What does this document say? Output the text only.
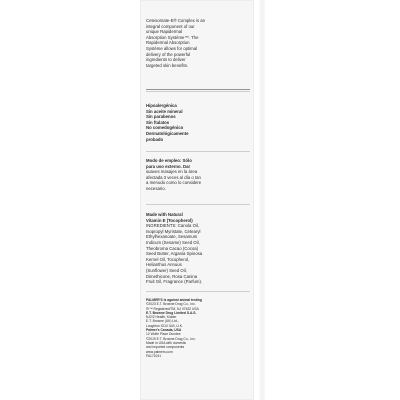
Cetesomate-E® Complex is an
integral component of our
unique Rapidermal
Absorption Système™. The
Rapidermal Absorption
Système allows for optimal
delivery of the powerful
ingredients to deliver
targeted skin benefits.
Hipoalergénica
Sin aceite mineral
Sin parabenos
Sin ftalatos
No comedogénico
Dermatológicamente
probado
Modo de empleo: Sólo
para uso externo. Dar
suaves masajes en la área
afectada 3 veces al día o tan
a menudo como lo considere
necesario.
Made with Natural
Vitamin E (Tocopherol)
INGREDIENTS: Canola Oil,
Isopropyl Myristate, Cetearyl
Ethylhexanoate, Sesamum
Indicum (Sesame) Seed Oil,
Theobroma Cacao (Cocoa)
Seed Butter, Argania Spinosa
Kernel Oil, Tocopherol,
Helianthus Annuus
(Sunflower) Seed Oil,
Dimethicone, Rosa Canina
Fruit Oil, Fragrance (Parfum).
PALMER'S is against animal testing
©2023 E.T. Browne Drug Co., Inc.
®/™ Registered/TM, NJ 07632 USA
E.T. Browne Drug Limited S.A.S.
NJ2/2 Health, Kidder
E.T. Browne (UK) Ltd.,
Loughton IG10 3LB, U.K.
Palmer's Canada, USA
12 Wolfe Place Dundee
©2019 E.T. Browne Drug Co., Inc.
Made in USA with domestic
and imported components
www.palmers.com
FA171041
